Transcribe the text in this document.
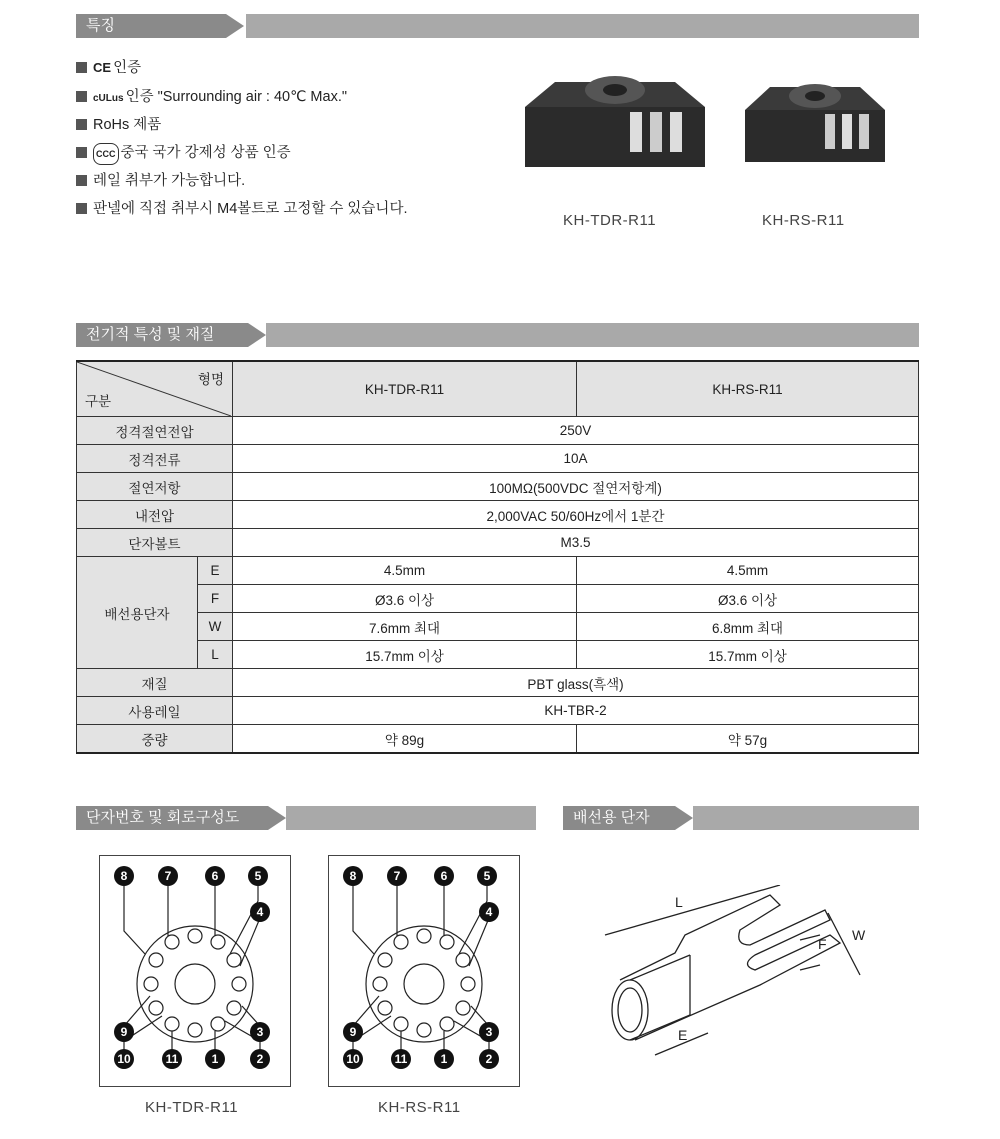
특징
CE 인증
cULus 인증 "Surrounding air : 40℃ Max."
RoHs 제품
CCC 중국 국가 강제성 상품 인증
레일 취부가 가능합니다.
판넬에 직접 취부시 M4볼트로 고정할 수 있습니다.
KH-TDR-R11	KH-RS-R11
전기적 특성 및 재질
형명
구분		KH-TDR-R11	KH-RS-R11
정격절연전압		250V	
정격전류		10A	
절연저항		100MΩ(500VDC 절연저항계)	
내전압		2,000VAC 50/60Hz에서 1분간	
단자볼트		M3.5	
배선용단자	E	4.5mm	4.5mm
	F	Ø3.6 이상	Ø3.6 이상
	W	7.6mm 최대	6.8mm 최대
	L	15.7mm 이상	15.7mm 이상
재질		PBT glass(흑색)	
사용레일		KH-TBR-2	
중량		약 89g	약 57g
단자번호 및 회로구성도	배선용 단자
8	7	6	5
4
3
2
1
11
10
9
KH-TDR-R11
8	7	6	5
4
3
2
1
11
10
9
KH-RS-R11
L
F
W
E
